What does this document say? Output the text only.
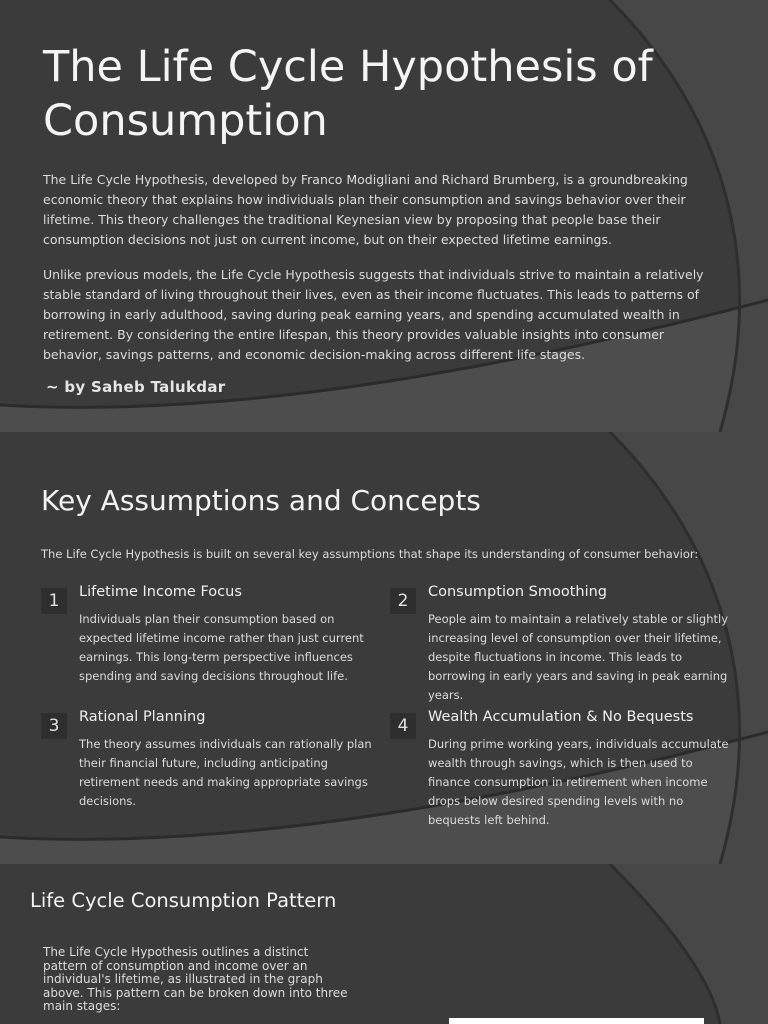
The Life Cycle Hypothesis of Consumption

The Life Cycle Hypothesis, developed by Franco Modigliani and Richard Brumberg, is a groundbreaking economic theory that explains how individuals plan their consumption and savings behavior over their lifetime. This theory challenges the traditional Keynesian view by proposing that people base their consumption decisions not just on current income, but on their expected lifetime earnings.

Unlike previous models, the Life Cycle Hypothesis suggests that individuals strive to maintain a relatively stable standard of living throughout their lives, even as their income fluctuates. This leads to patterns of borrowing in early adulthood, saving during peak earning years, and spending accumulated wealth in retirement. By considering the entire lifespan, this theory provides valuable insights into consumer behavior, savings patterns, and economic decision-making across different life stages.

~ by Saheb Talukdar
Key Assumptions and Concepts
The Life Cycle Hypothesis is built on several key assumptions that shape its understanding of consumer behavior:
1	Lifetime Income Focus
Individuals plan their consumption based on expected lifetime income rather than just current earnings. This long-term perspective influences spending and saving decisions throughout life.
2	Consumption Smoothing
People aim to maintain a relatively stable or slightly increasing level of consumption over their lifetime, despite fluctuations in income. This leads to borrowing in early years and saving in peak earning years.
3	Rational Planning
The theory assumes individuals can rationally plan their financial future, including anticipating retirement needs and making appropriate savings decisions.
4	Wealth Accumulation & No Bequests
During prime working years, individuals accumulate wealth through savings, which is then used to finance consumption in retirement when income drops below desired spending levels with no bequests left behind.
Life Cycle Consumption Pattern
The Life Cycle Hypothesis outlines a distinct pattern of consumption and income over an individual's lifetime, as illustrated in the graph above. This pattern can be broken down into three main stages:
